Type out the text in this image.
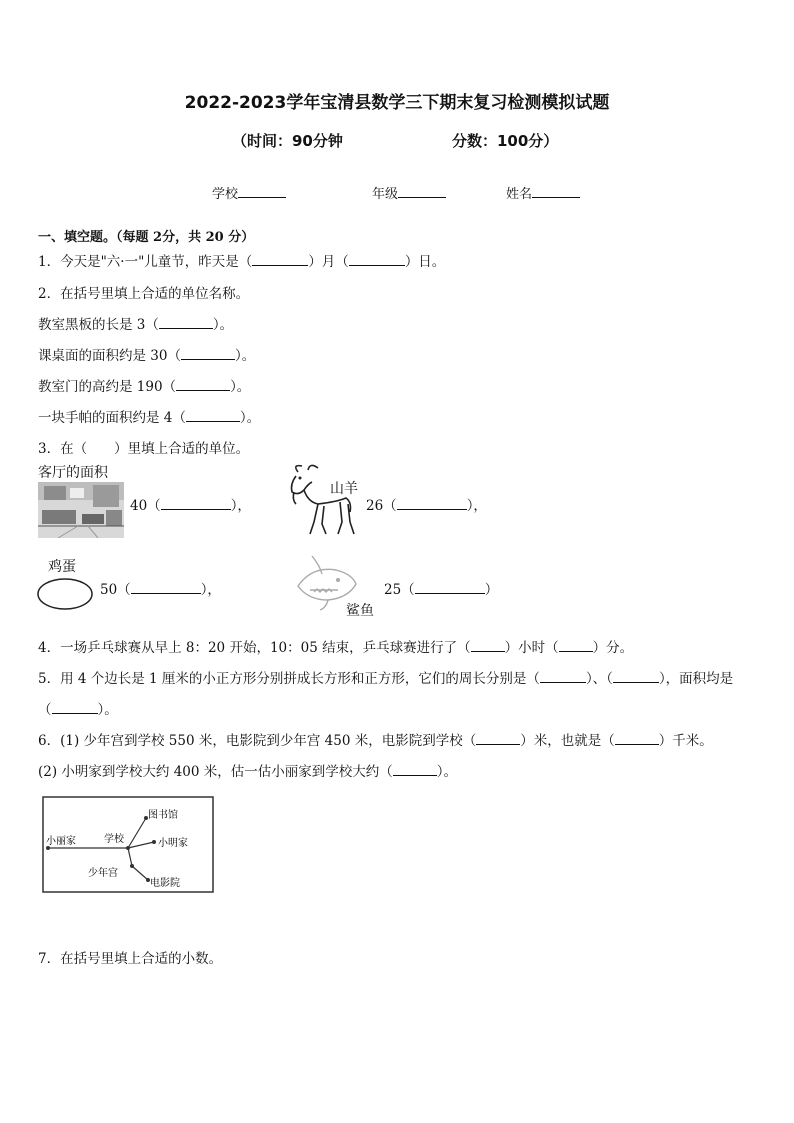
2022-2023学年宝清县数学三下期末复习检测模拟试题
（时间：90分钟	分数：100分）
学校	年级	姓名
一、填空题。（每题 2分，共 20 分）
1．今天是"六·一"儿童节，昨天是（	）月（	）日。
2．在括号里填上合适的单位名称。
教室黑板的长是 3（	）。
课桌面的面积约是 30（	）。
教室门的高约是 190（	）。
一块手帕的面积约是 4（	）。
3．在（　　）里填上合适的单位。
客厅的面积
40（	），
山羊
26（	），
鸡蛋
50（	），
鲨鱼
25（	）
4．一场乒乓球赛从早上 8：20 开始，10：05 结束，乒乓球赛进行了（	）小时（	）分。
5．用 4 个边长是 1 厘米的小正方形分别拼成长方形和正方形，它们的周长分别是（	）、（	），面积均是
（	）。
6．(1) 少年宫到学校 550 米，电影院到少年宫 450 米，电影院到学校（	）米，也就是（	）千米。
(2) 小明家到学校大约 400 米，估一估小丽家到学校大约（	）。
图书馆
小丽家	学校	小明家
少年宫
电影院
7．在括号里填上合适的小数。
